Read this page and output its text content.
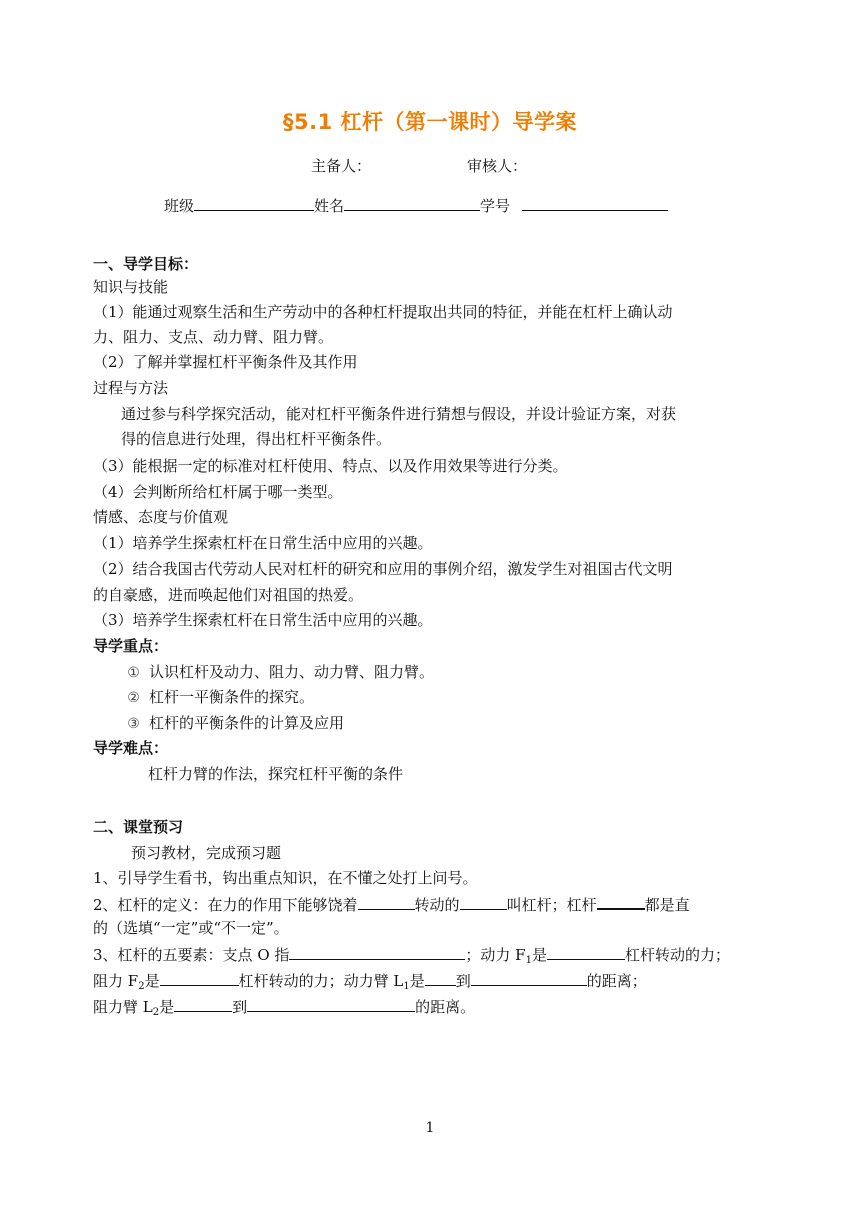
§5.1 杠杆（第一课时）导学案
主备人：	审核人：
班级	姓名	学号
一、导学目标：
知识与技能
（1）能通过观察生活和生产劳动中的各种杠杆提取出共同的特征，并能在杠杆上确认动
力、阻力、支点、动力臂、阻力臂。
（2）了解并掌握杠杆平衡条件及其作用
过程与方法
通过参与科学探究活动，能对杠杆平衡条件进行猜想与假设，并设计验证方案，对获
得的信息进行处理，得出杠杆平衡条件。
（3）能根据一定的标准对杠杆使用、特点、以及作用效果等进行分类。
（4）会判断所给杠杆属于哪一类型。
情感、态度与价值观
（1）培养学生探索杠杆在日常生活中应用的兴趣。
（2）结合我国古代劳动人民对杠杆的研究和应用的事例介绍，激发学生对祖国古代文明
的自豪感，进而唤起他们对祖国的热爱。
（3）培养学生探索杠杆在日常生活中应用的兴趣。
导学重点：
① 认识杠杆及动力、阻力、动力臂、阻力臂。
② 杠杆一平衡条件的探究。
③ 杠杆的平衡条件的计算及应用
导学难点：
杠杆力臂的作法，探究杠杆平衡的条件
二、课堂预习
预习教材，完成预习题
1、引导学生看书，钩出重点知识，在不懂之处打上问号。
2、杠杆的定义：在力的作用下能够饶着	转动的	叫杠杆；杠杆	都是直
的（选填“一定”或“不一定”。
3、杠杆的五要素：支点 O 指	；动力 $F_1$是	杠杆转动的力；
阻力 $F_2$是	杠杆转动的力；动力臂 $L_1$是 到	的距离；
阻力臂 $L_2$是	到	的距离。
1
